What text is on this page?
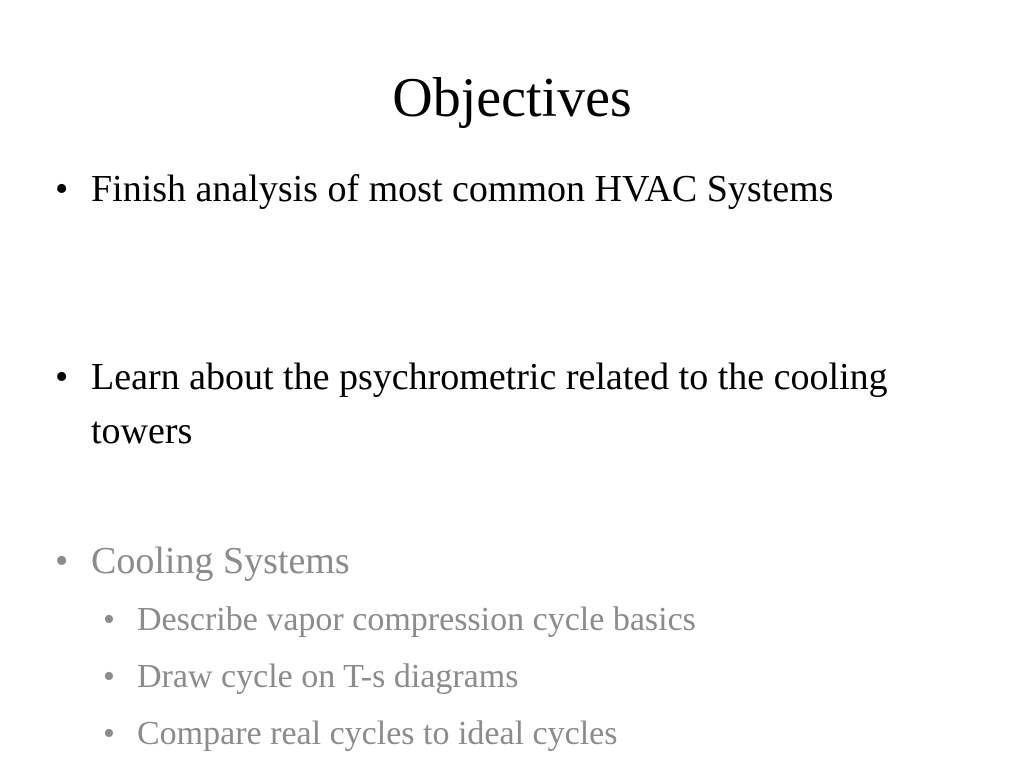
Objectives
• Finish analysis of most common HVAC Systems
• Learn about the psychrometric related to the cooling towers
• Cooling Systems
• Describe vapor compression cycle basics
• Draw cycle on T-s diagrams
• Compare real cycles to ideal cycles
